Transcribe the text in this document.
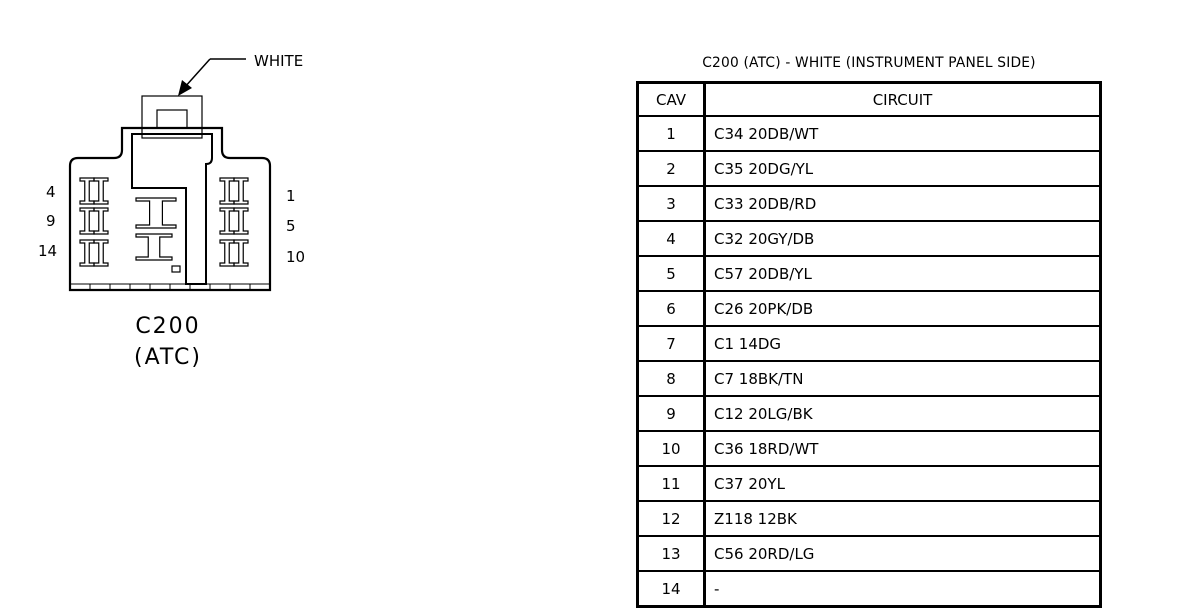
WHITE
4
9
14
1
5
10
C200
(ATC)
C200 (ATC) - WHITE (INSTRUMENT PANEL SIDE)
CAV	CIRCUIT
1	C34 20DB/WT
2	C35 20DG/YL
3	C33 20DB/RD
4	C32 20GY/DB
5	C57 20DB/YL
6	C26 20PK/DB
7	C1 14DG
8	C7 18BK/TN
9	C12 20LG/BK
10	C36 18RD/WT
11	C37 20YL
12	Z118 12BK
13	C56 20RD/LG
14	-
